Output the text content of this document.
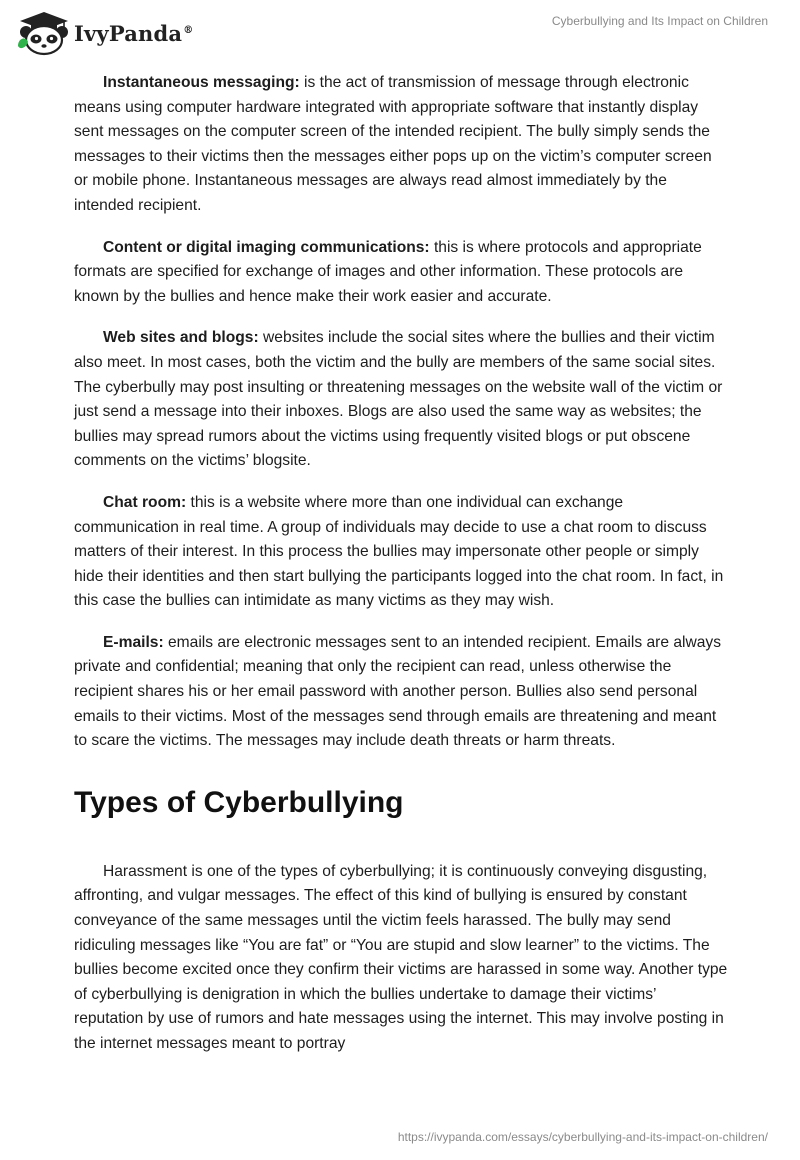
IvyPanda®
Cyberbullying and Its Impact on Children

Instantaneous messaging: is the act of transmission of message through electronic means using computer hardware integrated with appropriate software that instantly display sent messages on the computer screen of the intended recipient. The bully simply sends the messages to their victims then the messages either pops up on the victim’s computer screen or mobile phone. Instantaneous messages are always read almost immediately by the intended recipient.

Content or digital imaging communications: this is where protocols and appropriate formats are specified for exchange of images and other information. These protocols are known by the bullies and hence make their work easier and accurate.

Web sites and blogs: websites include the social sites where the bullies and their victim also meet. In most cases, both the victim and the bully are members of the same social sites. The cyberbully may post insulting or threatening messages on the website wall of the victim or just send a message into their inboxes. Blogs are also used the same way as websites; the bullies may spread rumors about the victims using frequently visited blogs or put obscene comments on the victims’ blogsite.

Chat room: this is a website where more than one individual can exchange communication in real time. A group of individuals may decide to use a chat room to discuss matters of their interest. In this process the bullies may impersonate other people or simply hide their identities and then start bullying the participants logged into the chat room. In fact, in this case the bullies can intimidate as many victims as they may wish.

E-mails: emails are electronic messages sent to an intended recipient. Emails are always private and confidential; meaning that only the recipient can read, unless otherwise the recipient shares his or her email password with another person. Bullies also send personal emails to their victims. Most of the messages send through emails are threatening and meant to scare the victims. The messages may include death threats or harm threats.

Types of Cyberbullying

Harassment is one of the types of cyberbullying; it is continuously conveying disgusting, affronting, and vulgar messages. The effect of this kind of bullying is ensured by constant conveyance of the same messages until the victim feels harassed. The bully may send ridiculing messages like “You are fat” or “You are stupid and slow learner” to the victims. The bullies become excited once they confirm their victims are harassed in some way. Another type of cyberbullying is denigration in which the bullies undertake to damage their victims’ reputation by use of rumors and hate messages using the internet. This may involve posting in the internet messages meant to portray

https://ivypanda.com/essays/cyberbullying-and-its-impact-on-children/
